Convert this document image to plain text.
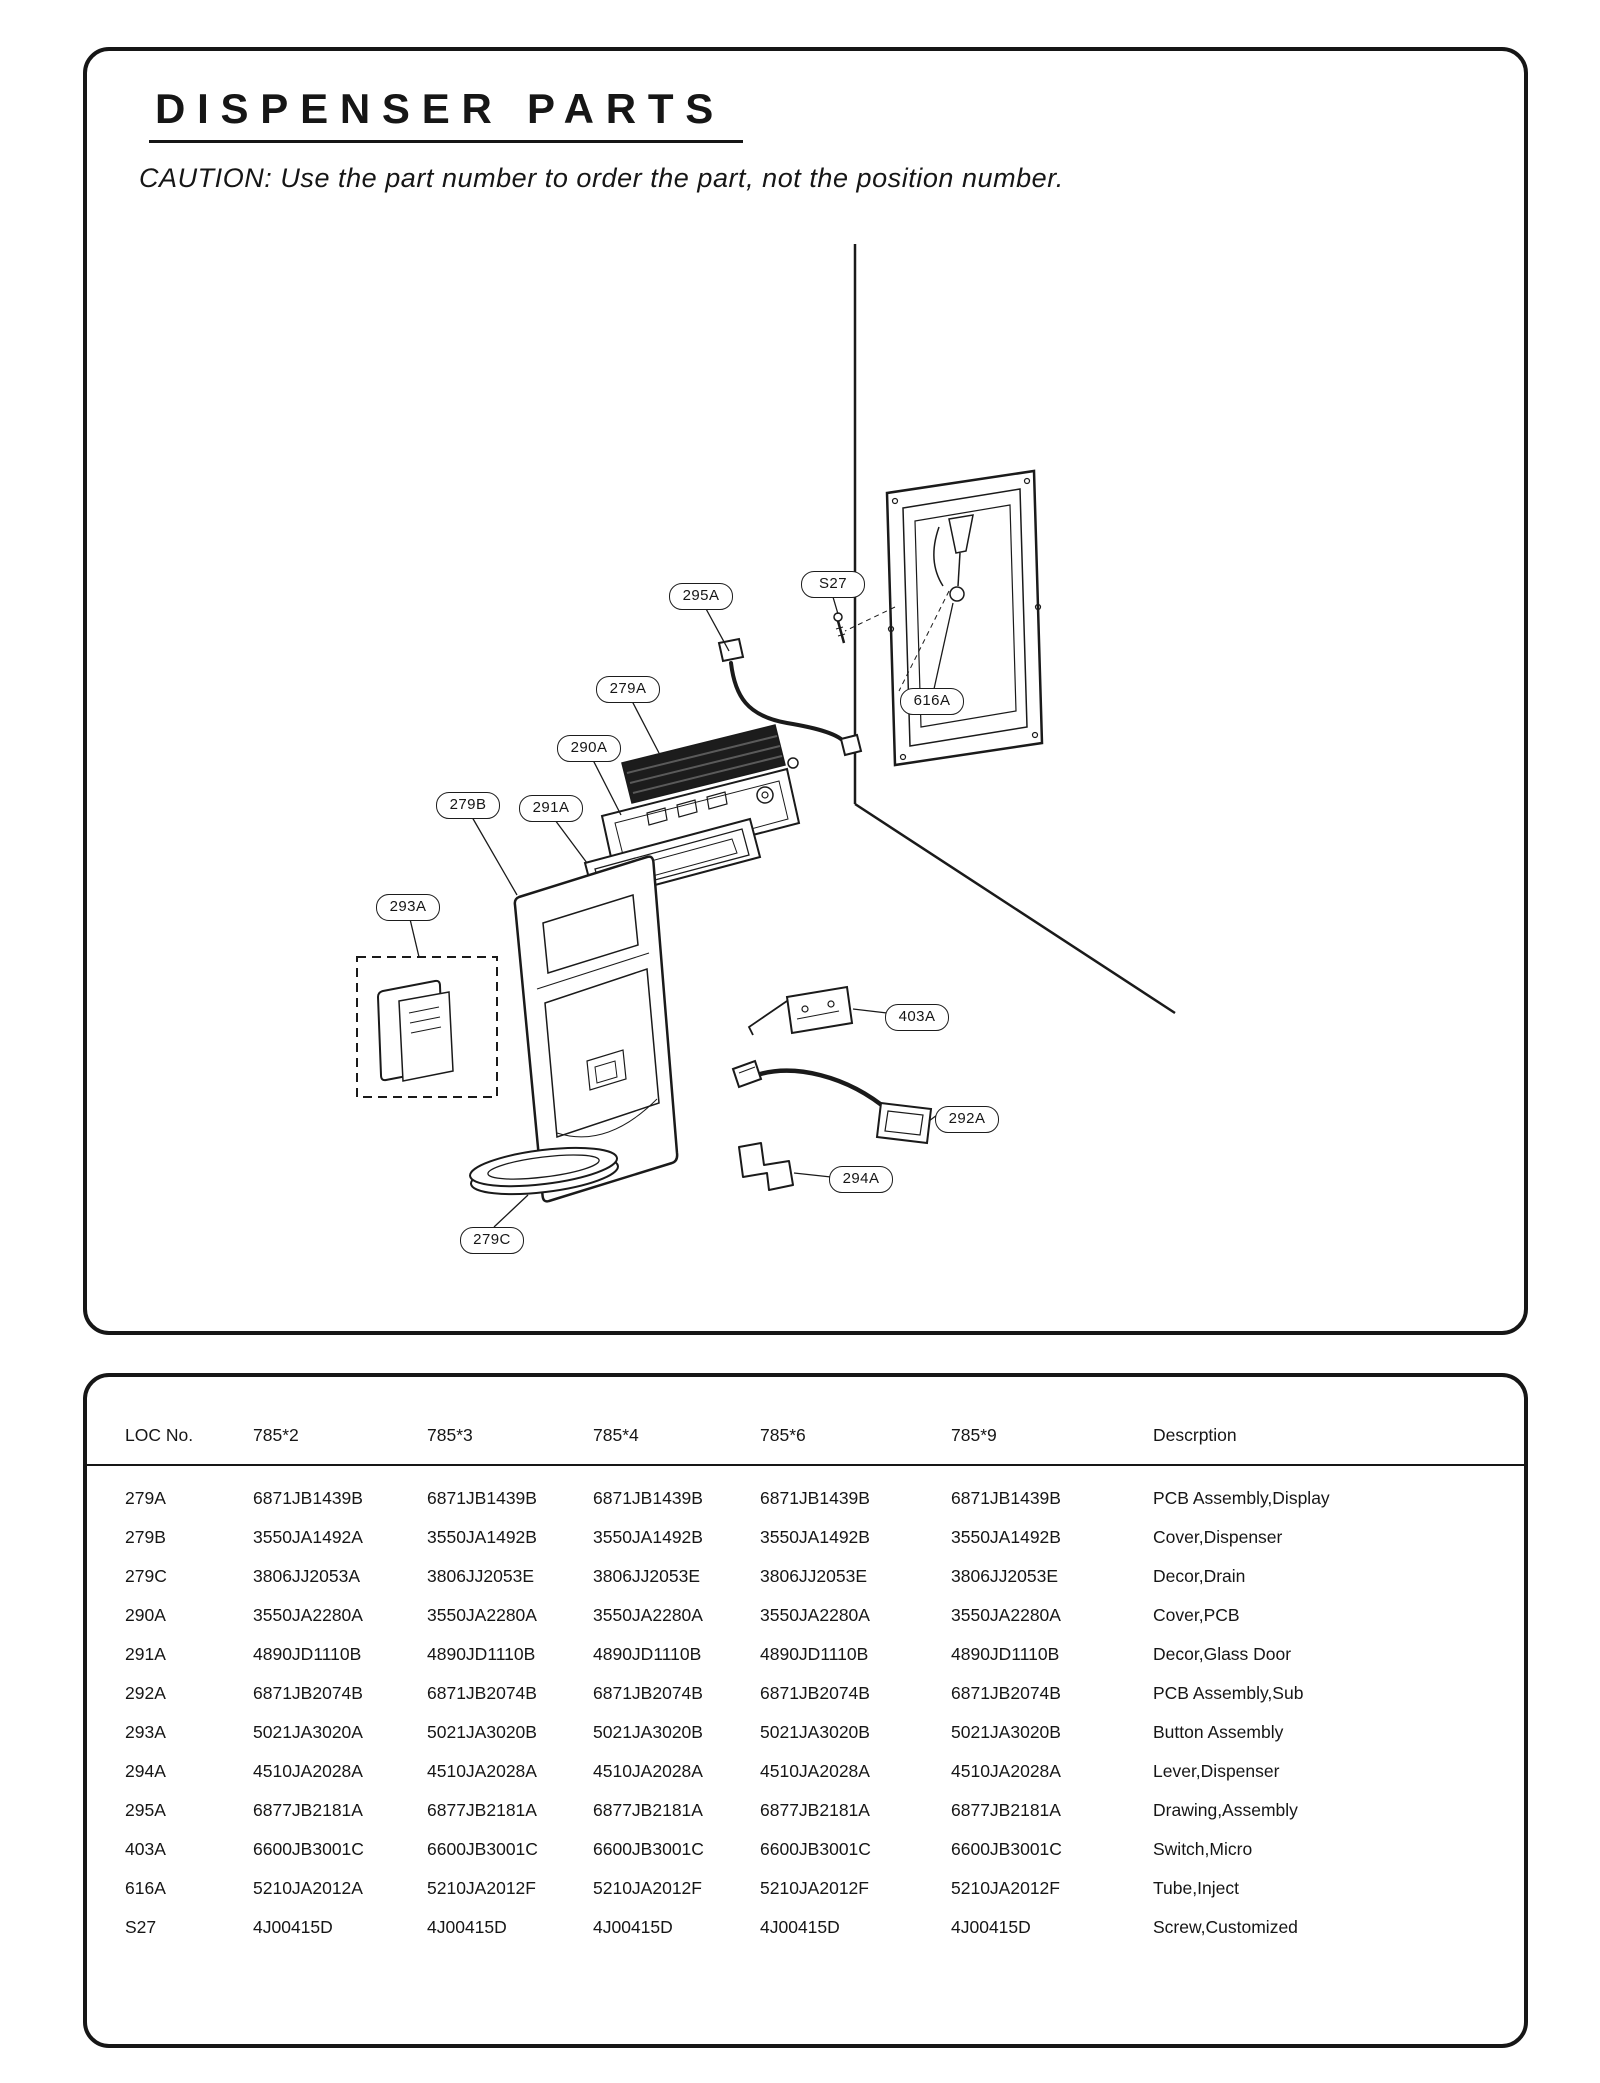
DISPENSER PARTS
CAUTION: Use the part number to order the part, not the position number.
S27
295A
279A
290A
279B	291A
293A
616A
403A
292A
294A
279C
LOC No.	785*2	785*3	785*4	785*6	785*9	Descrption
279A	6871JB1439B	6871JB1439B	6871JB1439B	6871JB1439B	6871JB1439B	PCB Assembly,Display
279B	3550JA1492A	3550JA1492B	3550JA1492B	3550JA1492B	3550JA1492B	Cover,Dispenser
279C	3806JJ2053A	3806JJ2053E	3806JJ2053E	3806JJ2053E	3806JJ2053E	Decor,Drain
290A	3550JA2280A	3550JA2280A	3550JA2280A	3550JA2280A	3550JA2280A	Cover,PCB
291A	4890JD1110B	4890JD1110B	4890JD1110B	4890JD1110B	4890JD1110B	Decor,Glass Door
292A	6871JB2074B	6871JB2074B	6871JB2074B	6871JB2074B	6871JB2074B	PCB Assembly,Sub
293A	5021JA3020A	5021JA3020B	5021JA3020B	5021JA3020B	5021JA3020B	Button Assembly
294A	4510JA2028A	4510JA2028A	4510JA2028A	4510JA2028A	4510JA2028A	Lever,Dispenser
295A	6877JB2181A	6877JB2181A	6877JB2181A	6877JB2181A	6877JB2181A	Drawing,Assembly
403A	6600JB3001C	6600JB3001C	6600JB3001C	6600JB3001C	6600JB3001C	Switch,Micro
616A	5210JA2012A	5210JA2012F	5210JA2012F	5210JA2012F	5210JA2012F	Tube,Inject
S27	4J00415D	4J00415D	4J00415D	4J00415D	4J00415D	Screw,Customized
